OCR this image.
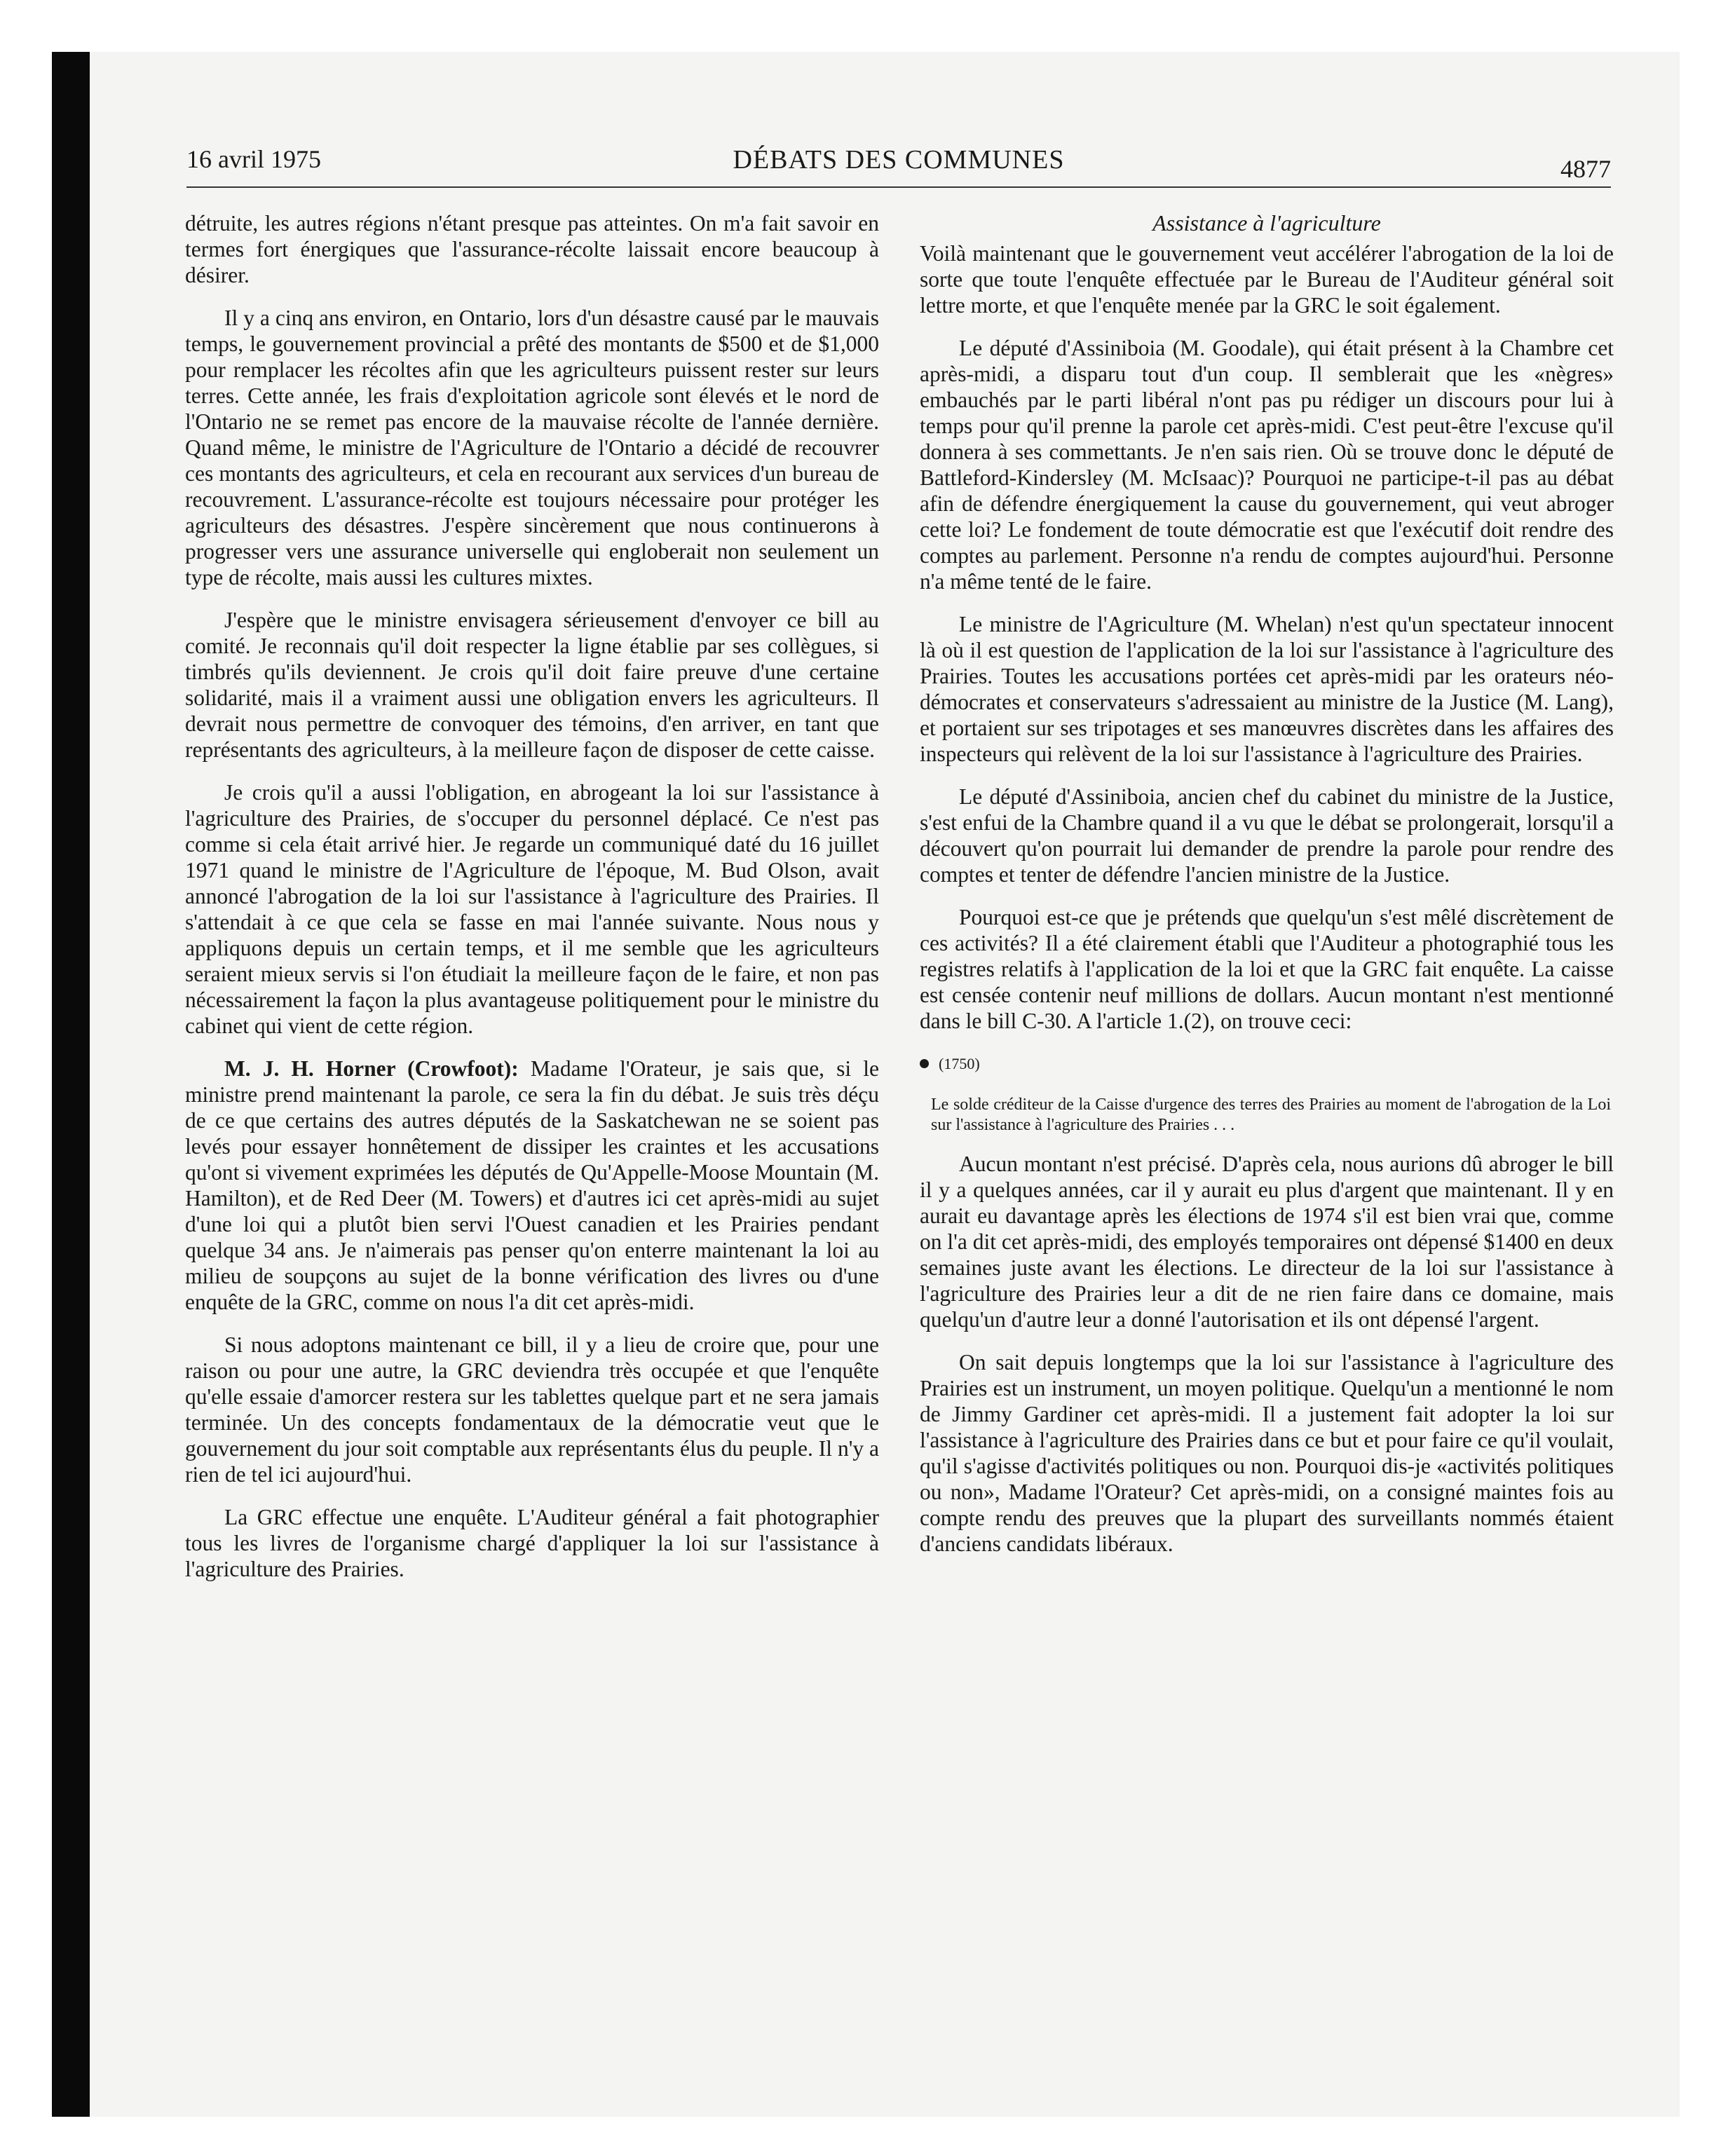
16 avril 1975	DÉBATS DES COMMUNES	4877

détruite, les autres régions n'étant presque pas atteintes. On m'a fait savoir en termes fort énergiques que l'assurance-récolte laissait encore beaucoup à désirer.

Il y a cinq ans environ, en Ontario, lors d'un désastre causé par le mauvais temps, le gouvernement provincial a prêté des montants de $500 et de $1,000 pour remplacer les récoltes afin que les agriculteurs puissent rester sur leurs terres. Cette année, les frais d'exploitation agricole sont élevés et le nord de l'Ontario ne se remet pas encore de la mauvaise récolte de l'année dernière. Quand même, le ministre de l'Agriculture de l'Ontario a décidé de recouvrer ces montants des agriculteurs, et cela en recourant aux services d'un bureau de recouvrement. L'assurance-récolte est toujours nécessaire pour protéger les agriculteurs des désastres. J'espère sincèrement que nous continuerons à progresser vers une assurance universelle qui engloberait non seulement un type de récolte, mais aussi les cultures mixtes.

J'espère que le ministre envisagera sérieusement d'envoyer ce bill au comité. Je reconnais qu'il doit respecter la ligne établie par ses collègues, si timbrés qu'ils deviennent. Je crois qu'il doit faire preuve d'une certaine solidarité, mais il a vraiment aussi une obligation envers les agriculteurs. Il devrait nous permettre de convoquer des témoins, d'en arriver, en tant que représentants des agriculteurs, à la meilleure façon de disposer de cette caisse.

Je crois qu'il a aussi l'obligation, en abrogeant la loi sur l'assistance à l'agriculture des Prairies, de s'occuper du personnel déplacé. Ce n'est pas comme si cela était arrivé hier. Je regarde un communiqué daté du 16 juillet 1971 quand le ministre de l'Agriculture de l'époque, M. Bud Olson, avait annoncé l'abrogation de la loi sur l'assistance à l'agriculture des Prairies. Il s'attendait à ce que cela se fasse en mai l'année suivante. Nous nous y appliquons depuis un certain temps, et il me semble que les agriculteurs seraient mieux servis si l'on étudiait la meilleure façon de le faire, et non pas nécessairement la façon la plus avantageuse politiquement pour le ministre du cabinet qui vient de cette région.

M. J. H. Horner (Crowfoot): Madame l'Orateur, je sais que, si le ministre prend maintenant la parole, ce sera la fin du débat. Je suis très déçu de ce que certains des autres députés de la Saskatchewan ne se soient pas levés pour essayer honnêtement de dissiper les craintes et les accusations qu'ont si vivement exprimées les députés de Qu'Appelle-Moose Mountain (M. Hamilton), et de Red Deer (M. Towers) et d'autres ici cet après-midi au sujet d'une loi qui a plutôt bien servi l'Ouest canadien et les Prairies pendant quelque 34 ans. Je n'aimerais pas penser qu'on enterre maintenant la loi au milieu de soupçons au sujet de la bonne vérification des livres ou d'une enquête de la GRC, comme on nous l'a dit cet après-midi.

Si nous adoptons maintenant ce bill, il y a lieu de croire que, pour une raison ou pour une autre, la GRC deviendra très occupée et que l'enquête qu'elle essaie d'amorcer restera sur les tablettes quelque part et ne sera jamais terminée. Un des concepts fondamentaux de la démocratie veut que le gouvernement du jour soit comptable aux représentants élus du peuple. Il n'y a rien de tel ici aujourd'hui.

La GRC effectue une enquête. L'Auditeur général a fait photographier tous les livres de l'organisme chargé d'appliquer la loi sur l'assistance à l'agriculture des Prairies.

Assistance à l'agriculture

Voilà maintenant que le gouvernement veut accélérer l'abrogation de la loi de sorte que toute l'enquête effectuée par le Bureau de l'Auditeur général soit lettre morte, et que l'enquête menée par la GRC le soit également.

Le député d'Assiniboia (M. Goodale), qui était présent à la Chambre cet après-midi, a disparu tout d'un coup. Il semblerait que les «nègres» embauchés par le parti libéral n'ont pas pu rédiger un discours pour lui à temps pour qu'il prenne la parole cet après-midi. C'est peut-être l'excuse qu'il donnera à ses commettants. Je n'en sais rien. Où se trouve donc le député de Battleford-Kindersley (M. McIsaac)? Pourquoi ne participe-t-il pas au débat afin de défendre énergiquement la cause du gouvernement, qui veut abroger cette loi? Le fondement de toute démocratie est que l'exécutif doit rendre des comptes au parlement. Personne n'a rendu de comptes aujourd'hui. Personne n'a même tenté de le faire.

Le ministre de l'Agriculture (M. Whelan) n'est qu'un spectateur innocent là où il est question de l'application de la loi sur l'assistance à l'agriculture des Prairies. Toutes les accusations portées cet après-midi par les orateurs néo-démocrates et conservateurs s'adressaient au ministre de la Justice (M. Lang), et portaient sur ses tripotages et ses manœuvres discrètes dans les affaires des inspecteurs qui relèvent de la loi sur l'assistance à l'agriculture des Prairies.

Le député d'Assiniboia, ancien chef du cabinet du ministre de la Justice, s'est enfui de la Chambre quand il a vu que le débat se prolongerait, lorsqu'il a découvert qu'on pourrait lui demander de prendre la parole pour rendre des comptes et tenter de défendre l'ancien ministre de la Justice.

Pourquoi est-ce que je prétends que quelqu'un s'est mêlé discrètement de ces activités? Il a été clairement établi que l'Auditeur a photographié tous les registres relatifs à l'application de la loi et que la GRC fait enquête. La caisse est censée contenir neuf millions de dollars. Aucun montant n'est mentionné dans le bill C-30. A l'article 1.(2), on trouve ceci:

(1750)
Le solde créditeur de la Caisse d'urgence des terres des Prairies au moment de l'abrogation de la Loi sur l'assistance à l'agriculture des Prairies . . .

Aucun montant n'est précisé. D'après cela, nous aurions dû abroger le bill il y a quelques années, car il y aurait eu plus d'argent que maintenant. Il y en aurait eu davantage après les élections de 1974 s'il est bien vrai que, comme on l'a dit cet après-midi, des employés temporaires ont dépensé $1400 en deux semaines juste avant les élections. Le directeur de la loi sur l'assistance à l'agriculture des Prairies leur a dit de ne rien faire dans ce domaine, mais quelqu'un d'autre leur a donné l'autorisation et ils ont dépensé l'argent.

On sait depuis longtemps que la loi sur l'assistance à l'agriculture des Prairies est un instrument, un moyen politique. Quelqu'un a mentionné le nom de Jimmy Gardiner cet après-midi. Il a justement fait adopter la loi sur l'assistance à l'agriculture des Prairies dans ce but et pour faire ce qu'il voulait, qu'il s'agisse d'activités politiques ou non. Pourquoi dis-je «activités politiques ou non», Madame l'Orateur? Cet après-midi, on a consigné maintes fois au compte rendu des preuves que la plupart des surveillants nommés étaient d'anciens candidats libéraux.
